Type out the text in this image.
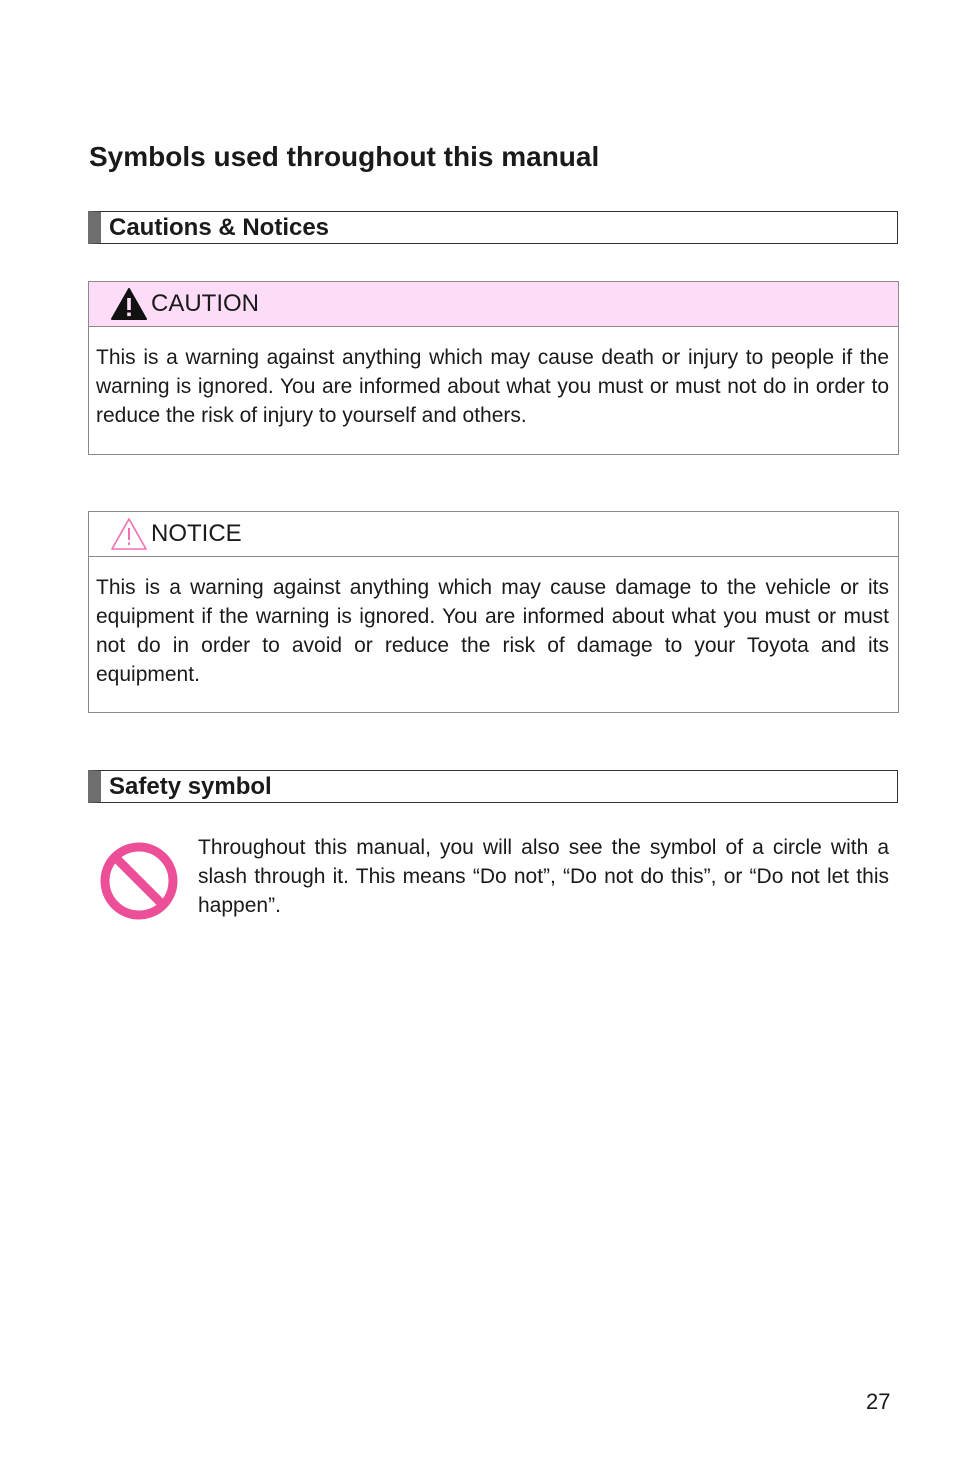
Symbols used throughout this manual
Cautions & Notices
CAUTION
This is a warning against anything which may cause death or injury to people if the warning is ignored. You are informed about what you must or must not do in order to reduce the risk of injury to yourself and others.
NOTICE
This is a warning against anything which may cause damage to the vehicle or its equipment if the warning is ignored. You are informed about what you must or must not do in order to avoid or reduce the risk of damage to your Toyota and its equipment.
Safety symbol
Throughout this manual, you will also see the symbol of a circle with a slash through it. This means “Do not”, “Do not do this”, or “Do not let this happen”.
27
